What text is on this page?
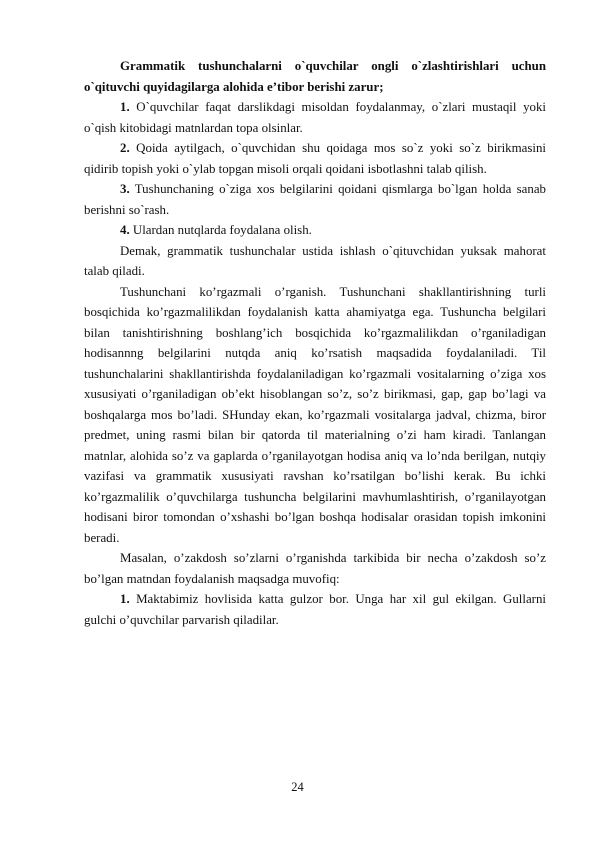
Grammatik tushunchalarni o`quvchilar ongli o`zlashtirishlari uchun o`qituvchi quyidagilarga alohida e’tibor berishi zarur;

1. O`quvchilar faqat darslikdagi misoldan foydalanmay, o`zlari mustaqil yoki o`qish kitobidagi matnlardan topa olsinlar.

2. Qoida aytilgach, o`quvchidan shu qoidaga mos so`z yoki so`z birikmasini qidirib topish yoki o`ylab topgan misoli orqali qoidani isbotlashni talab qilish.

3. Tushunchaning o`ziga xos belgilarini qoidani qismlarga bo`lgan holda sanab berishni so`rash.

4. Ulardan nutqlarda foydalana olish.

Demak, grammatik tushunchalar ustida ishlash o`qituvchidan yuksak mahorat talab qiladi.

Tushunchani ko’rgazmali o’rganish. Tushunchani shakllantirishning turli bosqichida ko’rgazmalilikdan foydalanish katta ahamiyatga ega. Tushuncha belgilari bilan tanishtirishning boshlang’ich bosqichida ko’rgazmalilikdan o’rganiladigan hodisannng belgilarini nutqda aniq ko’rsatish maqsadida foydalaniladi. Til tushunchalarini shakllantirishda foydalaniladigan ko’rgazmali vositalarning o’ziga xos xususiyati o’rganiladigan ob’ekt hisoblangan so’z, so’z birikmasi, gap, gap bo’lagi va boshqalarga mos bo’ladi. SHunday ekan, ko’rgazmali vositalarga jadval, chizma, biror predmet, uning rasmi bilan bir qatorda til materialning o’zi ham kiradi. Tanlangan matnlar, alohida so’z va gaplarda o’rganilayotgan hodisa aniq va lo’nda berilgan, nutqiy vazifasi va grammatik xususiyati ravshan ko’rsatilgan bo’lishi kerak. Bu ichki ko’rgazmalilik o’quvchilarga tushuncha belgilarini mavhumlashtirish, o’rganilayotgan hodisani biror tomondan o’xshashi bo’lgan boshqa hodisalar orasidan topish imkonini beradi.

Masalan, o’zakdosh so’zlarni o’rganishda tarkibida bir necha o’zakdosh so’z bo’lgan matndan foydalanish maqsadga muvofiq:

1. Maktabimiz hovlisida katta gulzor bor. Unga har xil gul ekilgan. Gullarni gulchi o’quvchilar parvarish qiladilar.

24
